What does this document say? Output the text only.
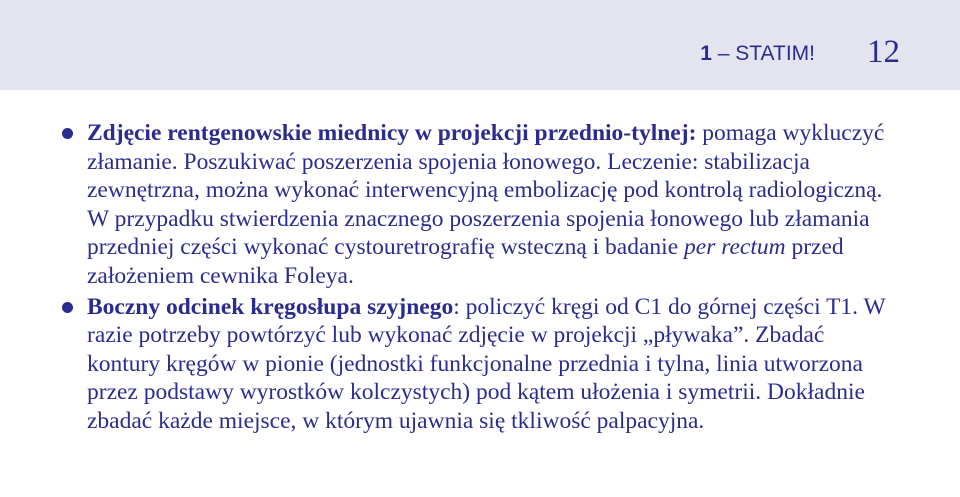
1 – STATIM! 12
Zdjęcie rentgenowskie miednicy w projekcji przednio-tylnej: pomaga wykluczyć złamanie. Poszukiwać poszerzenia spojenia łonowego. Leczenie: stabilizacja zewnętrzna, można wykonać interwencyjną embolizację pod kontrolą radiologiczną. W przypadku stwierdzenia znacznego poszerzenia spojenia łonowego lub złamania przedniej części wykonać cystouretrografię wsteczną i badanie per rectum przed założeniem cewnika Foleya.
Boczny odcinek kręgosłupa szyjnego: policzyć kręgi od C1 do górnej części T1. W razie potrzeby powtórzyć lub wykonać zdjęcie w projekcji „pływaka”. Zbadać kontury kręgów w pionie (jednostki funkcjonalne przednia i tylna, linia utworzona przez podstawy wyrostków kolczystych) pod kątem ułożenia i symetrii. Dokładnie zbadać każde miejsce, w którym ujawnia się tkliwość palpacyjna.
